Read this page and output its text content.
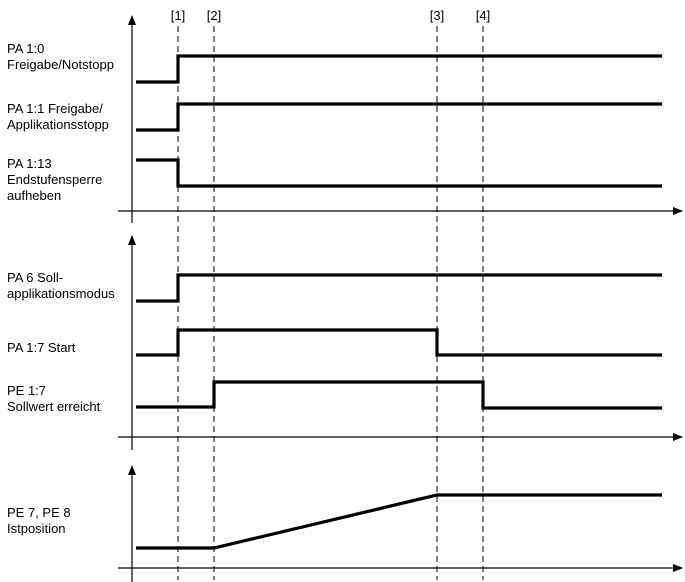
[1] [2]	[3] [4]
PA 1:0 Freigabe/Notstopp
PA 1:1 Freigabe/ Applikationsstopp
PA 1:13 Endstufensperre aufheben
PA 6 Soll- applikationsmodus
PA 1:7 Start
PE 1:7 Sollwert erreicht
PE 7, PE 8 Istposition
